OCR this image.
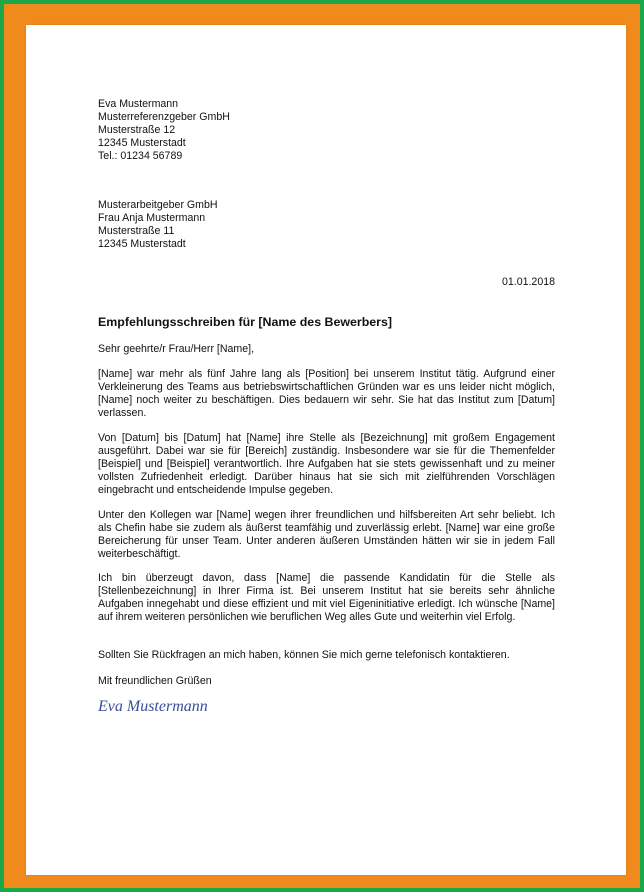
Eva Mustermann
Musterreferenzgeber GmbH
Musterstraße 12
12345 Musterstadt
Tel.: 01234 56789
Musterarbeitgeber GmbH
Frau Anja Mustermann
Musterstraße 11
12345 Musterstadt
01.01.2018
Empfehlungsschreiben für [Name des Bewerbers]
Sehr geehrte/r Frau/Herr [Name],
[Name] war mehr als fünf Jahre lang als [Position] bei unserem Institut tätig. Aufgrund einer Verkleinerung des Teams aus betriebswirtschaftlichen Gründen war es uns leider nicht möglich, [Name] noch weiter zu beschäftigen. Dies bedauern wir sehr. Sie hat das Institut zum [Datum] verlassen.
Von [Datum] bis [Datum] hat [Name] ihre Stelle als [Bezeichnung] mit großem Engagement ausgeführt. Dabei war sie für [Bereich] zuständig. Insbesondere war sie für die Themenfelder [Beispiel] und [Beispiel] verantwortlich. Ihre Aufgaben hat sie stets gewissenhaft und zu meiner vollsten Zufriedenheit erledigt. Darüber hinaus hat sie sich mit zielführenden Vorschlägen eingebracht und entscheidende Impulse gegeben.
Unter den Kollegen war [Name] wegen ihrer freundlichen und hilfsbereiten Art sehr beliebt. Ich als Chefin habe sie zudem als äußerst teamfähig und zuverlässig erlebt. [Name] war eine große Bereicherung für unser Team. Unter anderen äußeren Umständen hätten wir sie in jedem Fall weiterbeschäftigt.
Ich bin überzeugt davon, dass [Name] die passende Kandidatin für die Stelle als [Stellenbezeichnung] in Ihrer Firma ist. Bei unserem Institut hat sie bereits sehr ähnliche Aufgaben innegehabt und diese effizient und mit viel Eigeninitiative erledigt. Ich wünsche [Name] auf ihrem weiteren persönlichen wie beruflichen Weg alles Gute und weiterhin viel Erfolg.
Sollten Sie Rückfragen an mich haben, können Sie mich gerne telefonisch kontaktieren.
Mit freundlichen Grüßen
Eva Mustermann
